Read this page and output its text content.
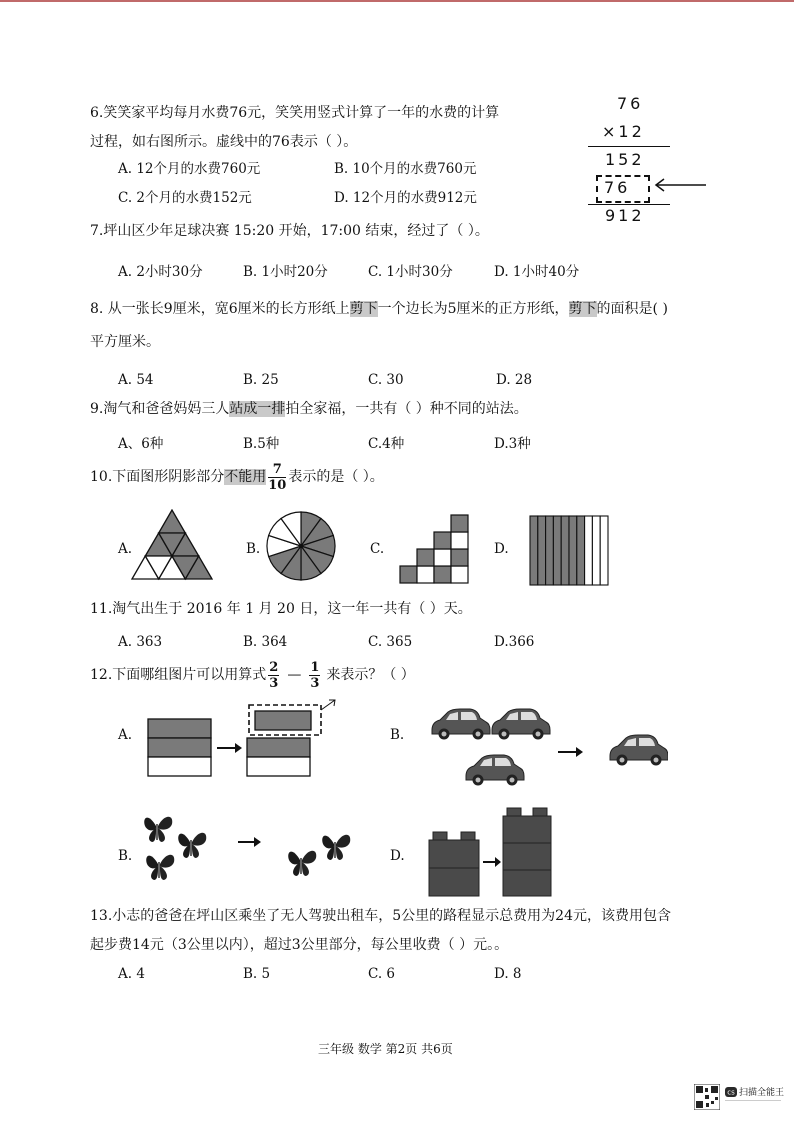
6.笑笑家平均每月水费76元，笑笑用竖式计算了一年的水费的计算
过程，如右图所示。虚线中的76表示（ ）。
A. 12个月的水费760元	B. 10个月的水费760元
C. 2个月的水费152元	D. 12个月的水费912元
76
×12
152
76
912
7.坪山区少年足球决赛 15:20 开始，17:00 结束，经过了（ ）。
A. 2小时30分	B. 1小时20分	C. 1小时30分	D. 1小时40分
8. 从一张长9厘米，宽6厘米的长方形纸上剪下一个边长为5厘米的正方形纸，剪下的面积是( )
平方厘米。
A. 54	B. 25	C. 30	D. 28
9.淘气和爸爸妈妈三人站成一排拍全家福，一共有（ ）种不同的站法。
A、6种	B.5种	C.4种	D.3种
10.下面图形阴影部分不能用 $\frac{7}{10}$ 表示的是（ ）。
A.	B.	C.	D.
11.淘气出生于 2016 年 1 月 20 日，这一年一共有（ ）天。
A. 363	B. 364	C. 365	D.366
12.下面哪组图片可以用算式 $\frac{2}{3}$ — $\frac{1}{3}$ 来表示？（ ）
A.	B.
B.	D.
13.小志的爸爸在坪山区乘坐了无人驾驶出租车，5公里的路程显示总费用为24元，该费用包含
起步费14元（3公里以内），超过3公里部分，每公里收费（ ）元。。
A. 4	B. 5	C. 6	D. 8
三年级 数学 第2页 共6页
cs 扫描全能王
